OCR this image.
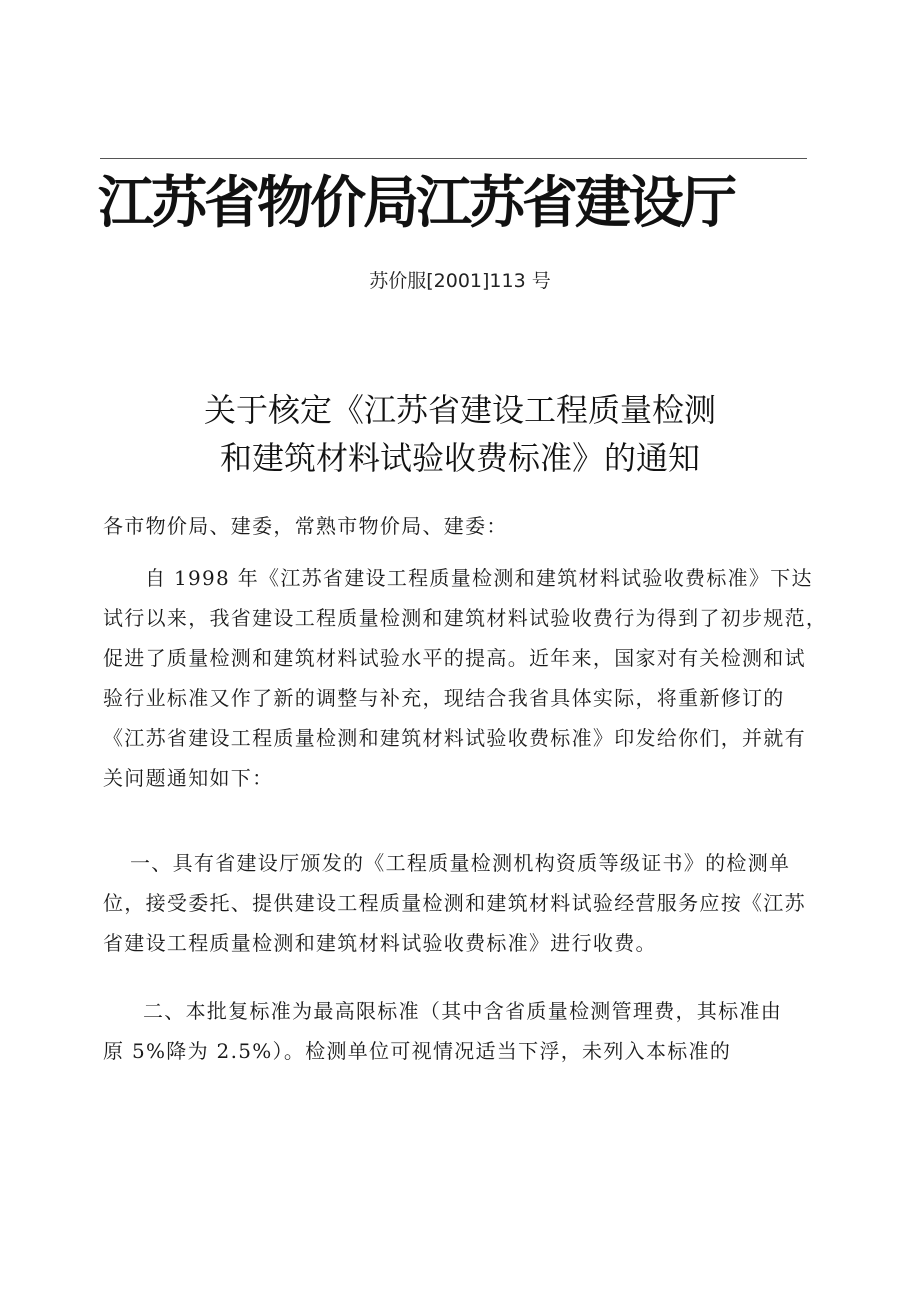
江苏省物价局江苏省建设厅
苏价服[2001]113 号
关于核定《江苏省建设工程质量检测
和建筑材料试验收费标准》的通知

各市物价局、建委，常熟市物价局、建委：

自 1998 年《江苏省建设工程质量检测和建筑材料试验收费标准》下达
试行以来，我省建设工程质量检测和建筑材料试验收费行为得到了初步规范，
促进了质量检测和建筑材料试验水平的提高。近年来，国家对有关检测和试
验行业标准又作了新的调整与补充，现结合我省具体实际，将重新修订的
《江苏省建设工程质量检测和建筑材料试验收费标准》印发给你们，并就有
关问题通知如下：

一、具有省建设厅颁发的《工程质量检测机构资质等级证书》的检测单
位，接受委托、提供建设工程质量检测和建筑材料试验经营服务应按《江苏
省建设工程质量检测和建筑材料试验收费标准》进行收费。

二、本批复标准为最高限标准（其中含省质量检测管理费，其标准由
原 5%降为 2.5%）。检测单位可视情况适当下浮，未列入本标准的
